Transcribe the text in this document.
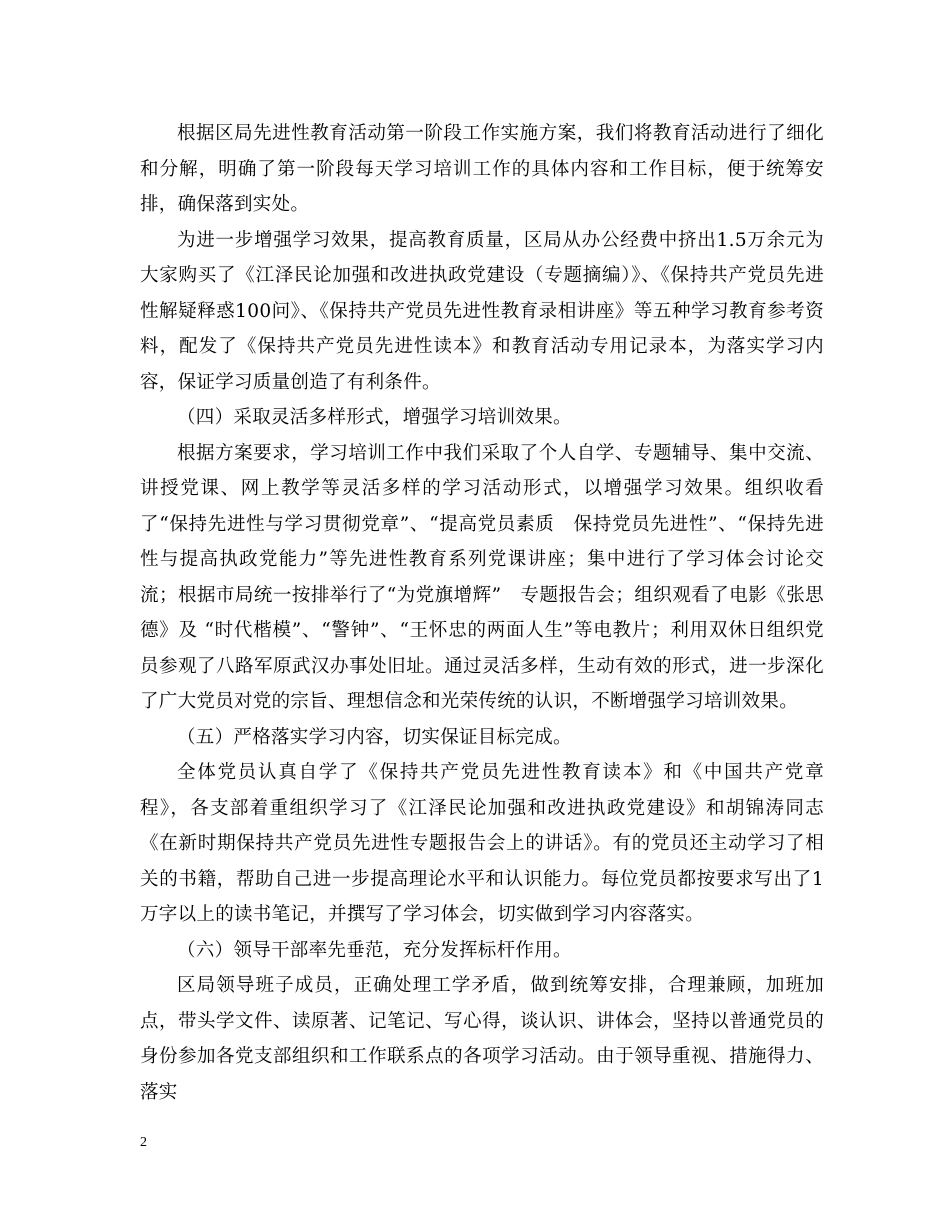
根据区局先进性教育活动第一阶段工作实施方案，我们将教育活动进行了细化和分解，明确了第一阶段每天学习培训工作的具体内容和工作目标，便于统筹安排，确保落到实处。

为进一步增强学习效果，提高教育质量，区局从办公经费中挤出1.5万余元为大家购买了《江泽民论加强和改进执政党建设（专题摘编）》、《保持共产党员先进性解疑释惑100问》、《保持共产党员先进性教育录相讲座》等五种学习教育参考资料，配发了《保持共产党员先进性读本》和教育活动专用记录本，为落实学习内容，保证学习质量创造了有利条件。

（四）采取灵活多样形式，增强学习培训效果。

根据方案要求，学习培训工作中我们采取了个人自学、专题辅导、集中交流、讲授党课、网上教学等灵活多样的学习活动形式，以增强学习效果。组织收看了“保持先进性与学习贯彻党章”、“提高党员素质　保持党员先进性”、“保持先进性与提高执政党能力”等先进性教育系列党课讲座；集中进行了学习体会讨论交流；根据市局统一按排举行了“为党旗增辉”　专题报告会；组织观看了电影《张思德》及 “时代楷模”、“警钟”、“王怀忠的两面人生”等电教片；利用双休日组织党员参观了八路军原武汉办事处旧址。通过灵活多样，生动有效的形式，进一步深化了广大党员对党的宗旨、理想信念和光荣传统的认识，不断增强学习培训效果。

（五）严格落实学习内容，切实保证目标完成。

全体党员认真自学了《保持共产党员先进性教育读本》和《中国共产党章程》，各支部着重组织学习了《江泽民论加强和改进执政党建设》和胡锦涛同志《在新时期保持共产党员先进性专题报告会上的讲话》。有的党员还主动学习了相关的书籍，帮助自己进一步提高理论水平和认识能力。每位党员都按要求写出了1万字以上的读书笔记，并撰写了学习体会，切实做到学习内容落实。

（六）领导干部率先垂范，充分发挥标杆作用。

区局领导班子成员，正确处理工学矛盾，做到统筹安排，合理兼顾，加班加点，带头学文件、读原著、记笔记、写心得，谈认识、讲体会，坚持以普通党员的身份参加各党支部组织和工作联系点的各项学习活动。由于领导重视、措施得力、落实

2
